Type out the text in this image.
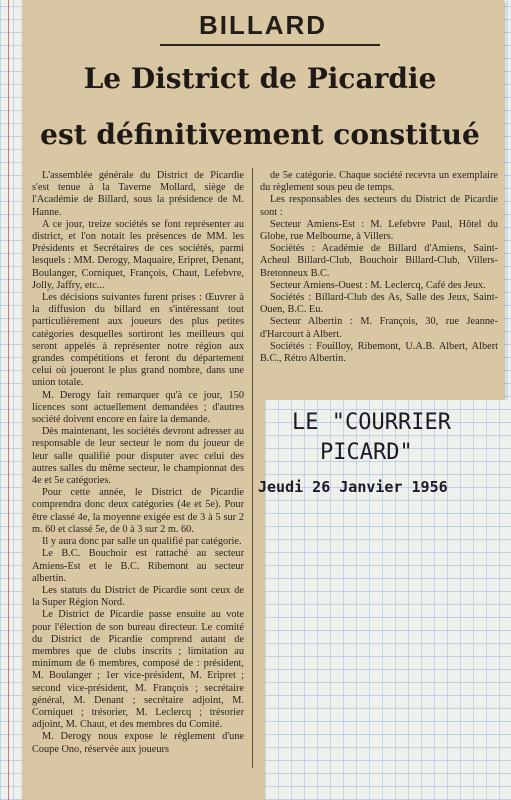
BILLARD
Le District de Picardie
est définitivement constitué

L'assemblée générale du District de Picardie s'est tenue à la Taverne Mollard, siège de l'Académie de Billard, sous la présidence de M. Hanne.

A ce jour, treize sociétés se font représenter au district, et l'on notait les présences de MM. les Présidents et Secrétaires de ces sociétés, parmi lesquels : MM. Derogy, Maquaire, Eripret, Denant, Boulanger, Corniquet, François, Chaut, Lefebvre, Jolly, Jaffry, etc...

Les décisions suivantes furent prises : Œuvrer à la diffusion du billard en s'intéressant tout particulièrement aux joueurs des plus petites catégories desquelles sortiront les meilleurs qui seront appelés à représenter notre région aux grandes compétitions et feront du département celui où joueront le plus grand nombre, dans une union totale.

M. Derogy fait remarquer qu'à ce jour, 150 licences sont actuellement demandées ; d'autres société doivent encore en faire la demande.

Dès maintenant, les sociétés devront adresser au responsable de leur secteur le nom du joueur de leur salle qualifié pour disputer avec celui des autres salles du même secteur, le championnat des 4e et 5e catégories.

Pour cette année, le District de Picardie comprendra donc deux catégories (4e et 5e). Pour être classé 4e, la moyenne exigée est de 3 à 5 sur 2 m. 60 et classé 5e, de 0 à 3 sur 2 m. 60.

Il y aura donc par salle un qualifié par catégorie.

Le B.C. Bouchoir est rattaché au secteur Amiens-Est et le B.C. Ribemont au secteur albertin.

Les statuts du District de Picardie sont ceux de la Super Région Nord.

Le District de Picardie passe ensuite au vote pour l'élection de son bureau directeur. Le comité du District de Picardie comprend autant de membres que de clubs inscrits ; limitation au minimum de 6 membres, composé de : président, M. Boulanger ; 1er vice-président, M. Eripret ; second vice-président, M. François ; secrétaire général, M. Denant ; secrétaire adjoint, M. Corniquet ; trésorier, M. Leclercq ; trésorier adjoint, M. Chaut, et des membres du Comité.

M. Derogy nous expose le règlement d'une Coupe Ono, réservée aux joueurs

de 5e catégorie. Chaque société recevra un exemplaire du règlement sous peu de temps.

Les responsables des secteurs du District de Picardie sont :

Secteur Amiens-Est : M. Lefebvre Paul, Hôtel du Globe, rue Melbourne, à Villers.

Sociétés : Académie de Billard d'Amiens, Saint-Acheul Billard-Club, Bouchoir Billard-Club, Villers-Bretonneux B.C.

Secteur Amiens-Ouest : M. Leclercq, Café des Jeux.

Sociétés : Billard-Club des As, Salle des Jeux, Saint-Ouen, B.C. Eu.

Secteur Albertin : M. François, 30, rue Jeanne-d'Harcourt à Albert.

Sociétés : Fouilloy, Ribemont, U.A.B. Albert, Albert B.C., Rétro Albertin.

LE "COURRIER
PICARD"
Jeudi 26 Janvier 1956
